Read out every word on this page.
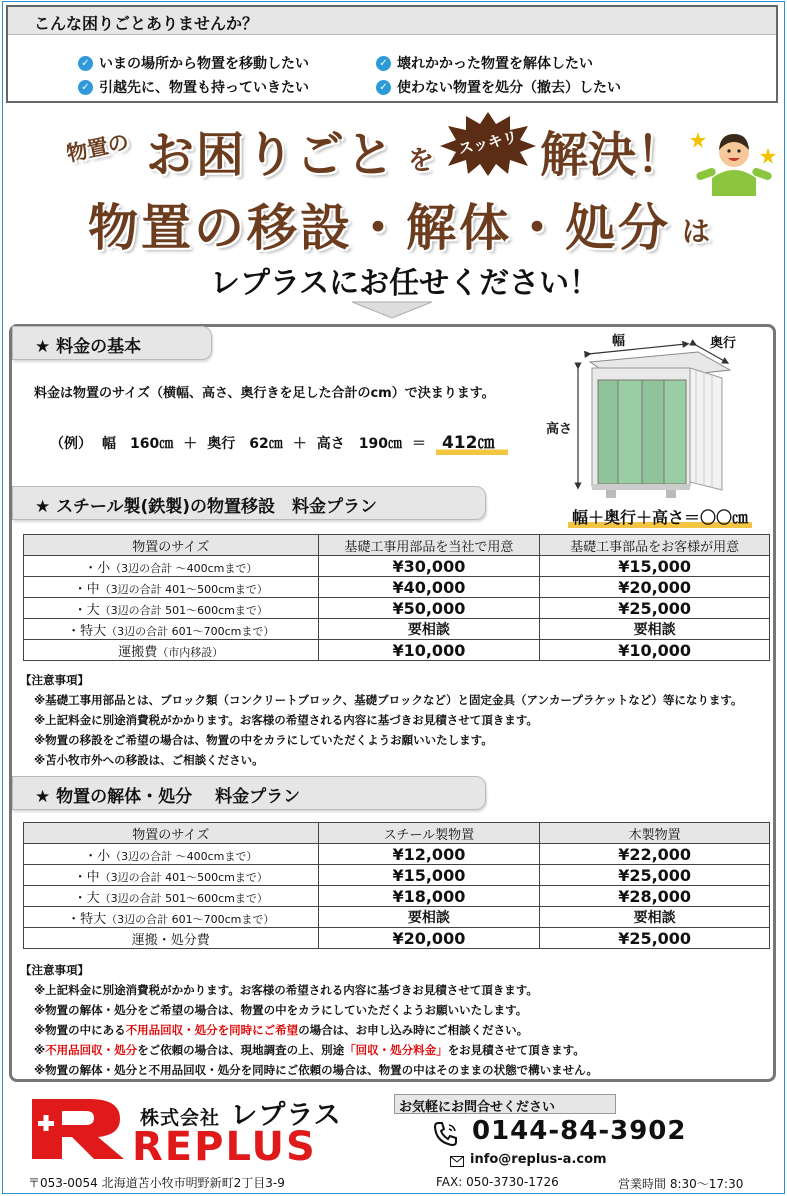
こんな困りごとありませんか？
✓ いまの場所から物置を移動したい	✓ 壊れかかった物置を解体したい
✓ 引越先に、物置も持っていきたい	✓ 使わない物置を処分（撤去）したい
物置の お困りごと を
スッキリ 解決！
物置の移設・解体・処分 は
レプラスにお任せください！
★ 料金の基本
料金は物置のサイズ（横幅、高さ、奥行きを足した合計のcm）で決まります。
（例） 幅　160㎝ ＋ 奥行　62㎝ ＋ 高さ　190㎝ ＝ 412㎝
幅	奥行
高さ
幅＋奥行＋高さ＝〇〇㎝
★ スチール製(鉄製)の物置移設　料金プラン
物置のサイズ	基礎工事用部品を当社で用意	基礎工事部品をお客様が用意
・小（3辺の合計 ～400cmまで）	¥30,000	¥15,000
・中（3辺の合計 401～500cmまで）	¥40,000	¥20,000
・大（3辺の合計 501～600cmまで）	¥50,000	¥25,000
・特大（3辺の合計 601～700cmまで）	要相談	要相談
運搬費（市内移設）	¥10,000	¥10,000
【注意事項】
※基礎工事用部品とは、ブロック類（コンクリートブロック、基礎ブロックなど）と固定金具（アンカープラケットなど）等になります。
※上記料金に別途消費税がかかります。お客様の希望される内容に基づきお見積させて頂きます。
※物置の移設をご希望の場合は、物置の中をカラにしていただくようお願いいたします。
※苫小牧市外への移設は、ご相談ください。
★ 物置の解体・処分　 料金プラン
物置のサイズ	スチール製物置	木製物置
・小（3辺の合計 ～400cmまで）	¥12,000	¥22,000
・中（3辺の合計 401～500cmまで）	¥15,000	¥25,000
・大（3辺の合計 501～600cmまで）	¥18,000	¥28,000
・特大（3辺の合計 601～700cmまで）	要相談	要相談
運搬・処分費	¥20,000	¥25,000
【注意事項】
※上記料金に別途消費税がかかります。お客様の希望される内容に基づきお見積させて頂きます。
※物置の解体・処分をご希望の場合は、物置の中をカラにしていただくようお願いいたします。
※物置の中にある不用品回収・処分を同時にご希望の場合は、お申し込み時にご相談ください。
※不用品回収・処分をご依頼の場合は、現地調査の上、別途「回収・処分料金」をお見積させて頂きます。
※物置の解体・処分と不用品回収・処分を同時にご依頼の場合は、物置の中はそのままの状態で構いません。
株式会社 レプラス
REPLUS
〒053-0054 北海道苫小牧市明野新町2丁目3-9
お気軽にお問合せください
0144-84-3902
info@replus-a.com
FAX: 050-3730-1726	営業時間 8:30～17:30
